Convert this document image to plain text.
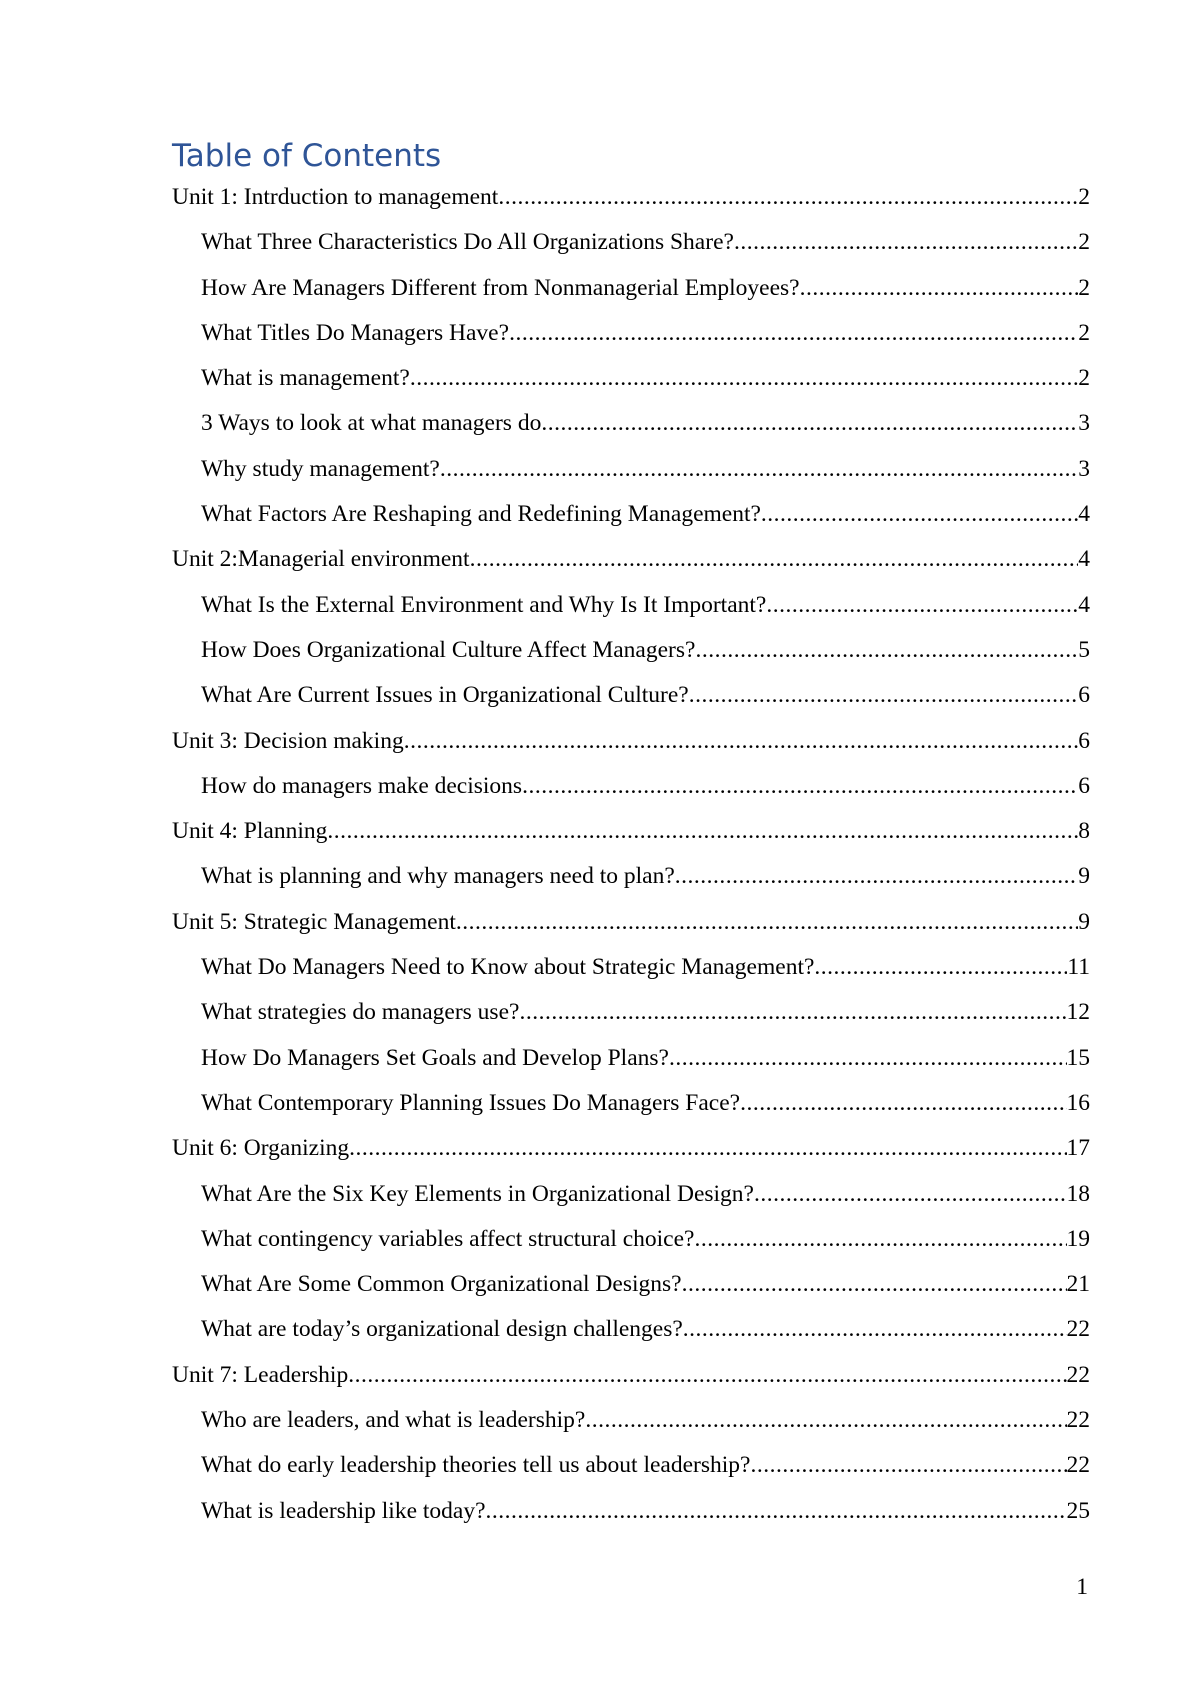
Table of Contents
Unit 1: Intrduction to management .....	2
What Three Characteristics Do All Organizations Share? .....	2
How Are Managers Different from Nonmanagerial Employees? .....	2
What Titles Do Managers Have? .....	2
What is management? .....	2
3 Ways to look at what managers do .....	3
Why study management? .....	3
What Factors Are Reshaping and Redefining Management? .....	4
Unit 2:Managerial environment .....	4
What Is the External Environment and Why Is It Important? .....	4
How Does Organizational Culture Affect Managers? .....	5
What Are Current Issues in Organizational Culture? .....	6
Unit 3: Decision making .....	6
How do managers make decisions .....	6
Unit 4: Planning .....	8
What is planning and why managers need to plan? .....	9
Unit 5: Strategic Management .....	9
What Do Managers Need to Know about Strategic Management? .....	11
What strategies do managers use? .....	12
How Do Managers Set Goals and Develop Plans? .....	15
What Contemporary Planning Issues Do Managers Face? .....	16
Unit 6: Organizing .....	17
What Are the Six Key Elements in Organizational Design? .....	18
What contingency variables affect structural choice? .....	19
What Are Some Common Organizational Designs? .....	21
What are today’s organizational design challenges? .....	22
Unit 7: Leadership .....	22
Who are leaders, and what is leadership? .....	22
What do early leadership theories tell us about leadership? .....	22
What is leadership like today? .....	25
1
